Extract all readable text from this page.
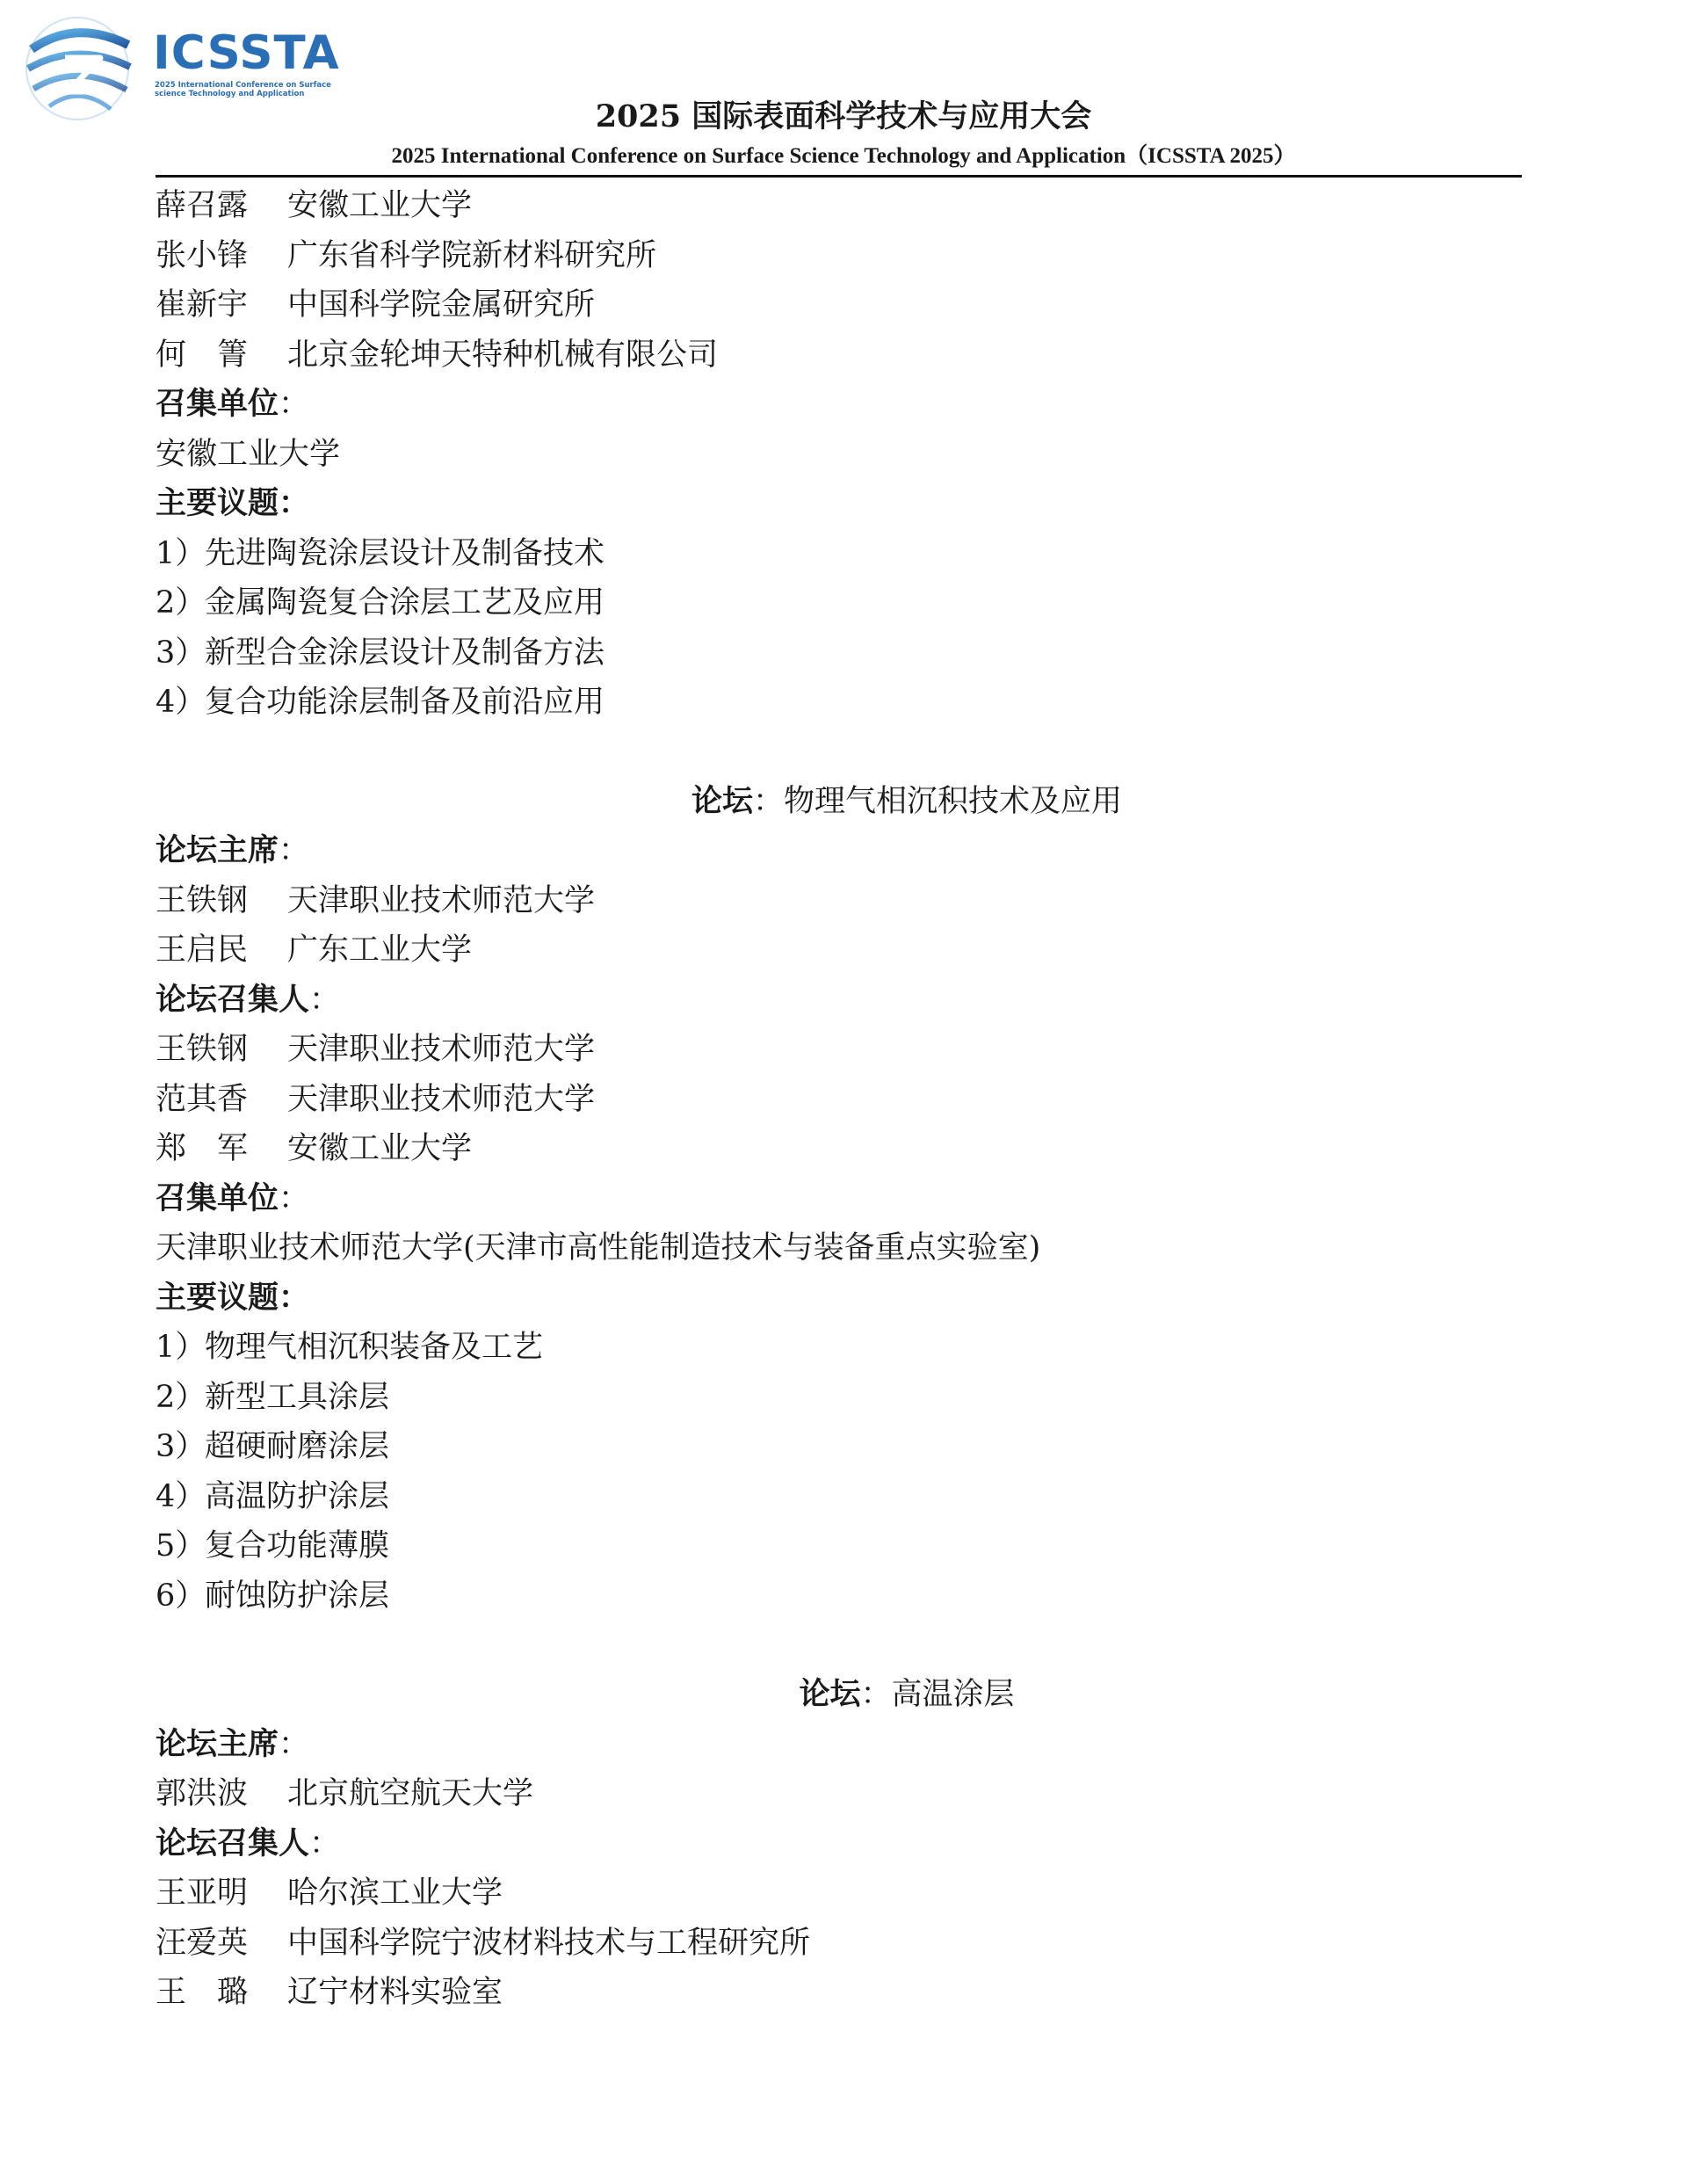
ICSSTA
2025 International Conference on Surface
science Technology and Application
2025 国际表面科学技术与应用大会
2025 International Conference on Surface Science Technology and Application（ICSSTA 2025）
薛召露 安徽工业大学
张小锋 广东省科学院新材料研究所
崔新宇 中国科学院金属研究所
何　箐 北京金轮坤天特种机械有限公司
召集单位：
安徽工业大学
主要议题：
1）先进陶瓷涂层设计及制备技术
2）金属陶瓷复合涂层工艺及应用
3）新型合金涂层设计及制备方法
4）复合功能涂层制备及前沿应用
论坛：物理气相沉积技术及应用
论坛主席：
王铁钢 天津职业技术师范大学
王启民 广东工业大学
论坛召集人：
王铁钢 天津职业技术师范大学
范其香 天津职业技术师范大学
郑　军 安徽工业大学
召集单位：
天津职业技术师范大学(天津市高性能制造技术与装备重点实验室)
主要议题：
1）物理气相沉积装备及工艺
2）新型工具涂层
3）超硬耐磨涂层
4）高温防护涂层
5）复合功能薄膜
6）耐蚀防护涂层
论坛：高温涂层
论坛主席：
郭洪波 北京航空航天大学
论坛召集人：
王亚明 哈尔滨工业大学
汪爱英 中国科学院宁波材料技术与工程研究所
王　璐 辽宁材料实验室
